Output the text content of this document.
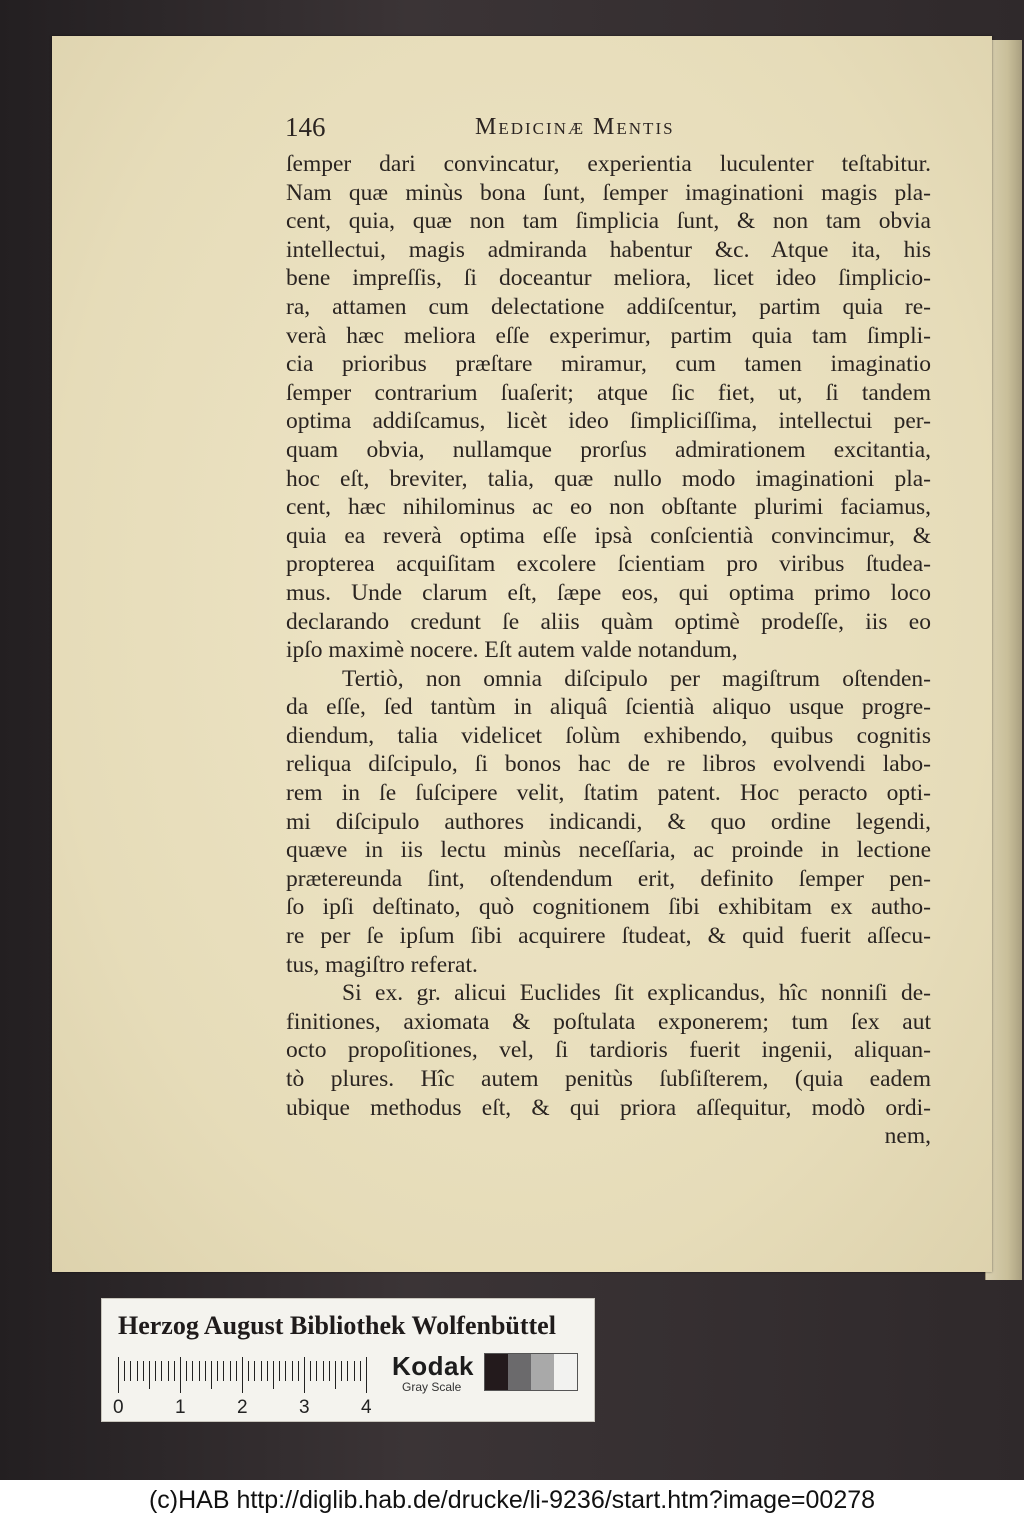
146	Medicinæ Mentis
ſemper dari convincatur, experientia luculenter teſtabitur.
Nam quæ minùs bona ſunt, ſemper imaginationi magis pla-
cent, quia, quæ non tam ſimplicia ſunt, & non tam obvia
intellectui, magis admiranda habentur &c. Atque ita, his
bene impreſſis, ſi doceantur meliora, licet ideo ſimplicio-
ra, attamen cum delectatione addiſcentur, partim quia re-
verà hæc meliora eſſe experimur, partim quia tam ſimpli-
cia prioribus præſtare miramur, cum tamen imaginatio
ſemper contrarium ſuaſerit; atque ſic fiet, ut, ſi tandem
optima addiſcamus, licèt ideo ſimpliciſſima, intellectui per-
quam obvia, nullamque prorſus admirationem excitantia,
hoc eſt, breviter, talia, quæ nullo modo imaginationi pla-
cent, hæc nihilominus ac eo non obſtante plurimi faciamus,
quia ea reverà optima eſſe ipsà conſcientià convincimur, &
propterea acquiſitam excolere ſcientiam pro viribus ſtudea-
mus. Unde clarum eſt, ſæpe eos, qui optima primo loco
declarando credunt ſe aliis quàm optimè prodeſſe, iis eo
ipſo maximè nocere. Eſt autem valde notandum,
Tertiò, non omnia diſcipulo per magiſtrum oſtenden-
da eſſe, ſed tantùm in aliquâ ſcientià aliquo usque progre-
diendum, talia videlicet ſolùm exhibendo, quibus cognitis
reliqua diſcipulo, ſi bonos hac de re libros evolvendi labo-
rem in ſe ſuſcipere velit, ſtatim patent. Hoc peracto opti-
mi diſcipulo authores indicandi, & quo ordine legendi,
quæve in iis lectu minùs neceſſaria, ac proinde in lectione
prætereunda ſint, oſtendendum erit, definito ſemper pen-
ſo ipſi deſtinato, quò cognitionem ſibi exhibitam ex autho-
re per ſe ipſum ſibi acquirere ſtudeat, & quid fuerit aſſecu-
tus, magiſtro referat.
Si ex. gr. alicui Euclides ſit explicandus, hîc nonniſi de-
finitiones, axiomata & poſtulata exponerem; tum ſex aut
octo propoſitiones, vel, ſi tardioris fuerit ingenii, aliquan-
tò plures. Hîc autem penitùs ſubſiſterem, (quia eadem
ubique methodus eſt, & qui priora aſſequitur, modò ordi-
nem,
Herzog August Bibliothek Wolfenbüttel
0	1	2	3	4
Kodak
Gray Scale
(c)HAB http://diglib.hab.de/drucke/li-9236/start.htm?image=00278
